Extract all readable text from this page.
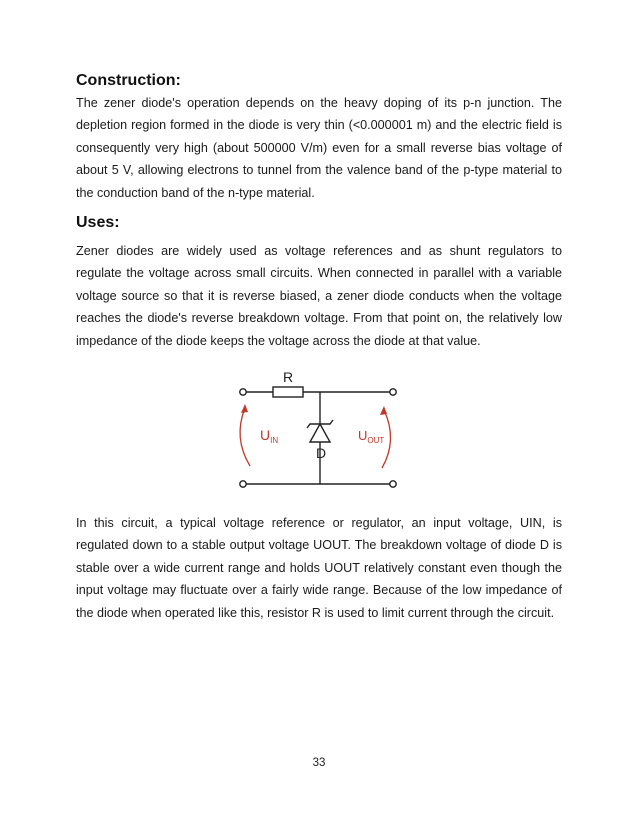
Construction:

The zener diode's operation depends on the heavy doping of its p-n junction. The depletion region formed in the diode is very thin (<0.000001 m) and the electric field is consequently very high (about 500000 V/m) even for a small reverse bias voltage of about 5 V, allowing electrons to tunnel from the valence band of the p-type material to the conduction band of the n-type material.

Uses:

Zener diodes are widely used as voltage references and as shunt regulators to regulate the voltage across small circuits. When connected in parallel with a variable voltage source so that it is reverse biased, a zener diode conducts when the voltage reaches the diode's reverse breakdown voltage. From that point on, the relatively low impedance of the diode keeps the voltage across the diode at that value.

R
D
$U_{IN}$	$U_{OUT}$

In this circuit, a typical voltage reference or regulator, an input voltage, UIN, is regulated down to a stable output voltage UOUT. The breakdown voltage of diode D is stable over a wide current range and holds UOUT relatively constant even though the input voltage may fluctuate over a fairly wide range. Because of the low impedance of the diode when operated like this, resistor R is used to limit current through the circuit.

33
